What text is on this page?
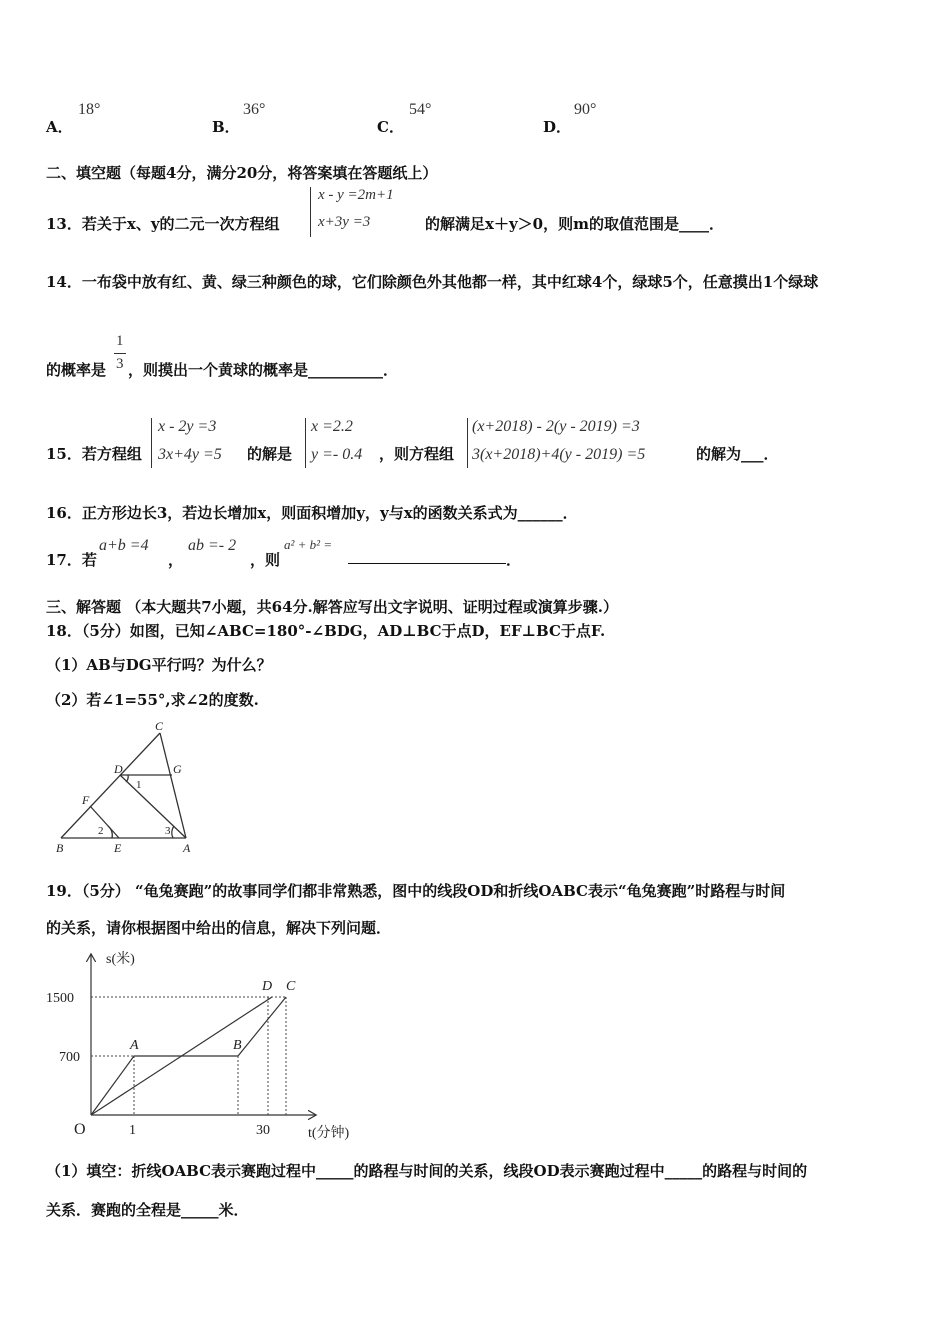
A．
18°
B．
36°
C．
54°
D．
90°
二、填空题（每题4分，满分20分，将答案填在答题纸上）
13．若关于x、y的二元一次方程组
x - y =2m+1
x+3y =3	的解满足x＋y＞0，则m的取值范围是____．
14．一布袋中放有红、黄、绿三种颜色的球，它们除颜色外其他都一样，其中红球4个，绿球5个，任意摸出1个绿球
的概率是
1
3 ，则摸出一个黄球的概率是__________．
15．若方程组
x - 2y =3
3x+4y =5 的解是
x =2.2
y =- 0.4 ，则方程组
(x+2018) - 2(y - 2019) =3
3(x+2018)+4(y - 2019) =5	的解为___．
16．正方形边长3，若边长增加x，则面积增加y，y与x的函数关系式为______．
17．若
a+b =4
，
ab =- 2
，则
a² + b² =
．
三、解答题 （本大题共7小题，共64分.解答应写出文字说明、证明过程或演算步骤.）
18．（5分）如图，已知∠ABC=180°-∠BDG，AD⊥BC于点D，EF⊥BC于点F.
（1）AB与DG平行吗？为什么？
（2）若∠1=55°,求∠2的度数.
C
D	G
F
B	E	A
1
2	3
19．（5分） “龟兔赛跑”的故事同学们都非常熟悉，图中的线段OD和折线OABC表示“龟兔赛跑”时路程与时间
的关系，请你根据图中给出的信息，解决下列问题．
s(米)
t(分钟)
O
1500
700
1	30
A	B
D C
（1）填空：折线OABC表示赛跑过程中_____的路程与时间的关系，线段OD表示赛跑过程中_____的路程与时间的
关系．赛跑的全程是_____米．
